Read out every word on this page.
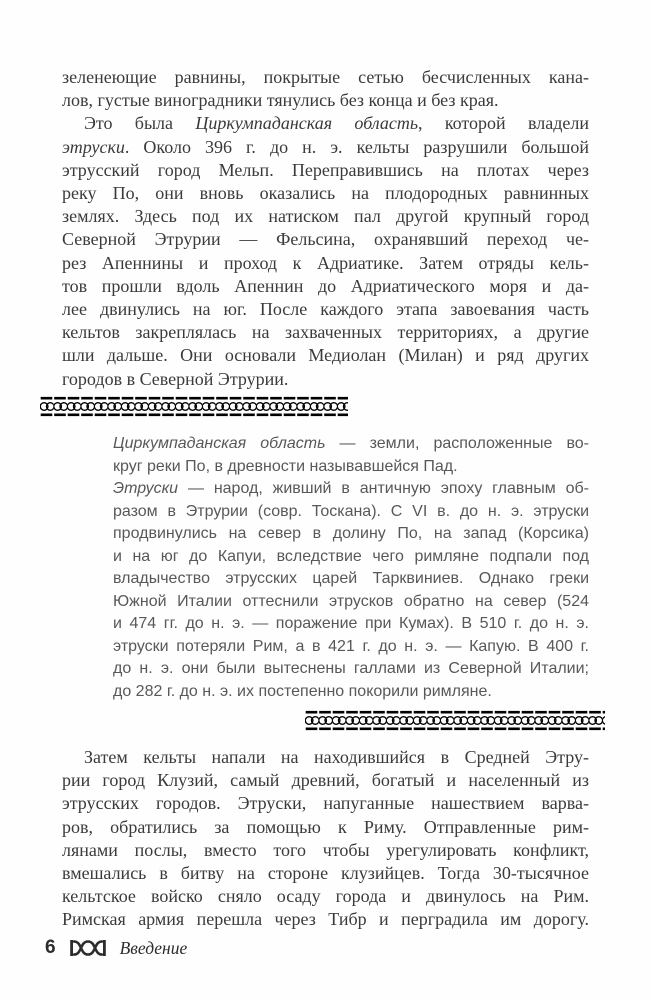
зеленеющие равнины, покрытые сетью бесчисленных кана-
лов, густые виноградники тянулись без конца и без края.
Это была Циркумпаданская область, которой владели
этруски. Около 396 г. до н. э. кельты разрушили большой
этрусский город Мельп. Переправившись на плотах через
реку По, они вновь оказались на плодородных равнинных
землях. Здесь под их натиском пал другой крупный город
Северной Этрурии — Фельсина, охранявший переход че-
рез Апеннины и проход к Адриатике. Затем отряды кель-
тов прошли вдоль Апеннин до Адриатического моря и да-
лее двинулись на юг. После каждого этапа завоевания часть
кельтов закреплялась на захваченных территориях, а другие
шли дальше. Они основали Медиолан (Милан) и ряд других
городов в Северной Этрурии.
Циркумпаданская область — земли, расположенные во-
круг реки По, в древности называвшейся Пад.
Этруски — народ, живший в античную эпоху главным об-
разом в Этрурии (совр. Тоскана). С VI в. до н. э. этруски
продвинулись на север в долину По, на запад (Корсика)
и на юг до Капуи, вследствие чего римляне подпали под
владычество этрусских царей Тарквиниев. Однако греки
Южной Италии оттеснили этрусков обратно на север (524
и 474 гг. до н. э. — поражение при Кумах). В 510 г. до н. э.
этруски потеряли Рим, а в 421 г. до н. э. — Капую. В 400 г.
до н. э. они были вытеснены галлами из Северной Италии;
до 282 г. до н. э. их постепенно покорили римляне.
Затем кельты напали на находившийся в Средней Этру-
рии город Клузий, самый древний, богатый и населенный из
этрусских городов. Этруски, напуганные нашествием варва-
ров, обратились за помощью к Риму. Отправленные рим-
лянами послы, вместо того чтобы урегулировать конфликт,
вмешались в битву на стороне клузийцев. Тогда 30-тысячное
кельтское войско сняло осаду города и двинулось на Рим.
Римская армия перешла через Тибр и перградила им дорогу.
6	Введение
